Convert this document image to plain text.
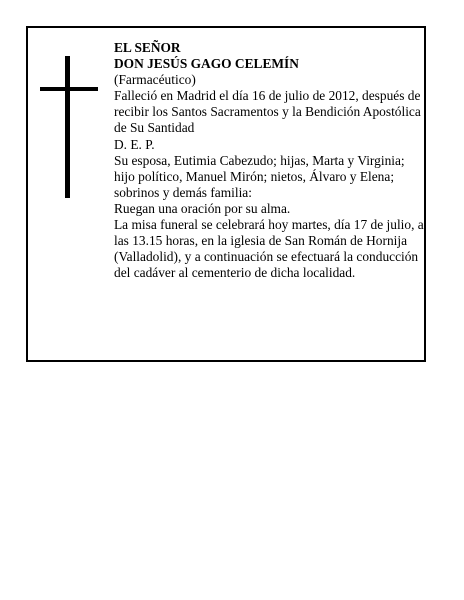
EL SEÑOR

DON JESÚS GAGO CELEMÍN

(Farmacéutico)

Falleció en Madrid el día 16 de julio de 2012, después de recibir los Santos Sacramentos y la Bendición Apostólica de Su Santidad

D. E. P.

Su esposa, Eutimia Cabezudo; hijas, Marta y Virginia; hijo político, Manuel Mirón; nietos, Álvaro y Elena; sobrinos y demás familia:

Ruegan una oración por su alma.

La misa funeral se celebrará hoy martes, día 17 de julio, a las 13.15 horas, en la iglesia de San Román de Hornija (Valladolid), y a continuación se efectuará la conducción del cadáver al cementerio de dicha localidad.
